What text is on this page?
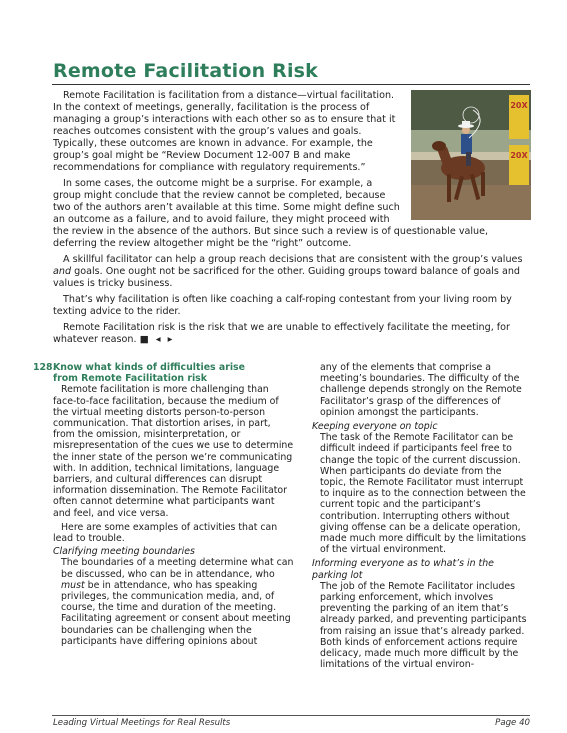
Remote Facilitation Risk
20X
20X

Remote Facilitation is facilitation from a distance—virtual facilitation. In the context of meetings, generally, facilitation is the process of managing a group’s interactions with each other so as to ensure that it reaches outcomes consistent with the group’s values and goals. Typically, these outcomes are known in advance. For example, the group’s goal might be “Review Document 12-007 B and make recommendations for compliance with regulatory requirements.”

In some cases, the outcome might be a surprise. For example, a group might conclude that the review cannot be completed, because two of the authors aren’t available at this time. Some might define such an outcome as a failure, and to avoid failure, they might proceed with the review in the absence of the authors. But since such a review is of questionable value, deferring the review altogether might be the “right” outcome.

A skillful facilitator can help a group reach decisions that are consistent with the group’s values and goals. One ought not be sacrificed for the other. Guiding groups toward balance of goals and values is tricky business.

That’s why facilitation is often like coaching a calf-roping contestant from your living room by texting advice to the rider.

Remote Facilitation risk is the risk that we are unable to effectively facilitate the meeting, for whatever reason. ■ ◂ ▸

128.
Know what kinds of difficulties arise
from Remote Facilitation risk

Remote facilitation is more challenging than face-to-face facilitation, because the medium of the virtual meeting distorts person-to-person communication. That distortion arises, in part, from the omission, misinterpretation, or misrepresentation of the cues we use to determine the inner state of the person we’re communicating with. In addition, technical limitations, language barriers, and cultural differences can disrupt information dissemination. The Remote Facilitator often cannot determine what participants want and feel, and vice versa.

Here are some examples of activities that can lead to trouble.

Clarifying meeting boundaries

The boundaries of a meeting determine what can be discussed, who can be in attendance, who must be in attendance, who has speaking privileges, the communication media, and, of course, the time and duration of the meeting. Facilitating agreement or consent about meeting boundaries can be challenging when the participants have differing opinions about

any of the elements that comprise a meeting’s boundaries. The difficulty of the challenge depends strongly on the Remote Facilitator’s grasp of the differences of opinion amongst the participants.

Keeping everyone on topic

The task of the Remote Facilitator can be difficult indeed if participants feel free to change the topic of the current discussion. When participants do deviate from the topic, the Remote Facilitator must interrupt to inquire as to the connection between the current topic and the participant’s contribution. Interrupting others without giving offense can be a delicate operation, made much more difficult by the limitations of the virtual environment.

Informing everyone as to what’s in the parking lot

The job of the Remote Facilitator includes parking enforcement, which involves preventing the parking of an item that’s already parked, and preventing participants from raising an issue that’s already parked. Both kinds of enforcement actions require delicacy, made much more difficult by the limitations of the virtual environ-

Leading Virtual Meetings for Real Results	Page 40
